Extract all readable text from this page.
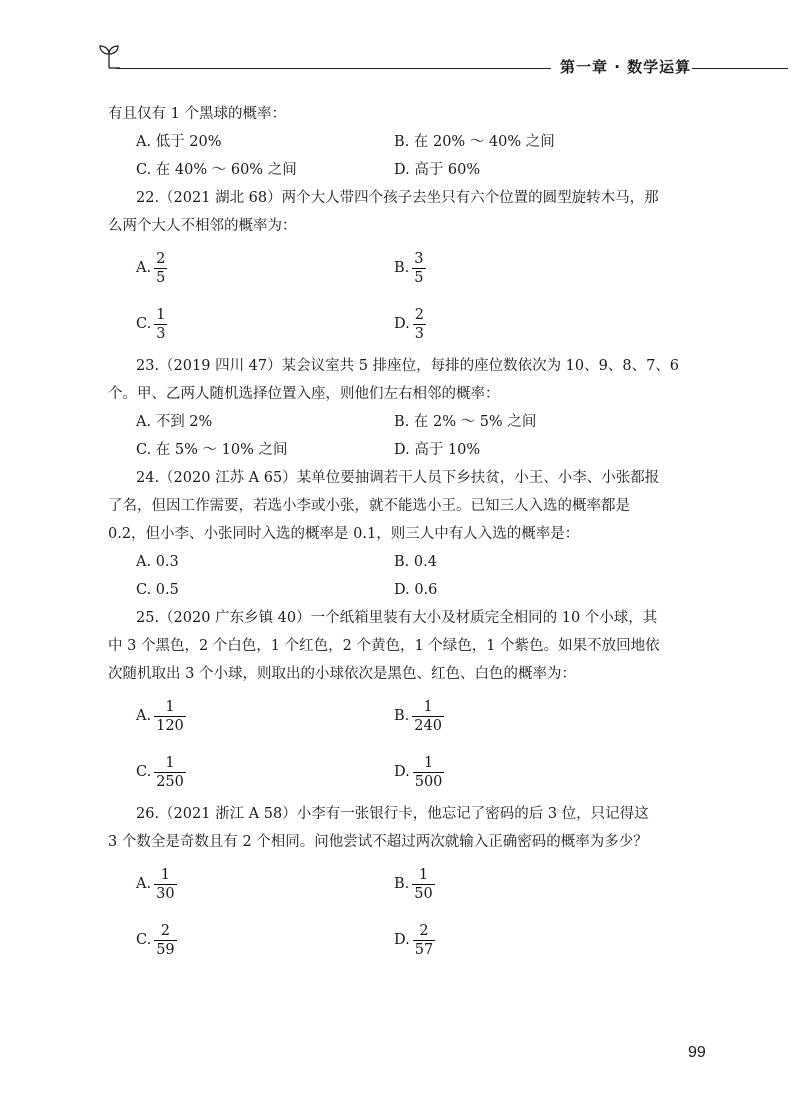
第一章 · 数学运算
有且仅有 1 个黑球的概率：
A. 低于 20%	B. 在 20% ～ 40% 之间
C. 在 40% ～ 60% 之间	D. 高于 60%
22.（2021 湖北 68）两个大人带四个孩子去坐只有六个位置的圆型旋转木马，那
么两个大人不相邻的概率为：
A. $\frac{2}{5}$	B. $\frac{3}{5}$
C. $\frac{1}{3}$	D. $\frac{2}{3}$
23.（2019 四川 47）某会议室共 5 排座位，每排的座位数依次为 10、9、8、7、6
个。甲、乙两人随机选择位置入座，则他们左右相邻的概率：
A. 不到 2%	B. 在 2% ～ 5% 之间
C. 在 5% ～ 10% 之间	D. 高于 10%
24.（2020 江苏 A 65）某单位要抽调若干人员下乡扶贫，小王、小李、小张都报
了名，但因工作需要，若选小李或小张，就不能选小王。已知三人入选的概率都是
0.2，但小李、小张同时入选的概率是 0.1，则三人中有人入选的概率是：
A. 0.3	B. 0.4
C. 0.5	D. 0.6
25.（2020 广东乡镇 40）一个纸箱里装有大小及材质完全相同的 10 个小球，其
中 3 个黑色，2 个白色，1 个红色，2 个黄色，1 个绿色，1 个紫色。如果不放回地依
次随机取出 3 个小球，则取出的小球依次是黑色、红色、白色的概率为：
A. $\frac{1}{120}$	B. $\frac{1}{240}$
C. $\frac{1}{250}$	D. $\frac{1}{500}$
26.（2021 浙江 A 58）小李有一张银行卡，他忘记了密码的后 3 位，只记得这
3 个数全是奇数且有 2 个相同。问他尝试不超过两次就输入正确密码的概率为多少？
A. $\frac{1}{30}$	B. $\frac{1}{50}$
C. $\frac{2}{59}$	D. $\frac{2}{57}$
99
